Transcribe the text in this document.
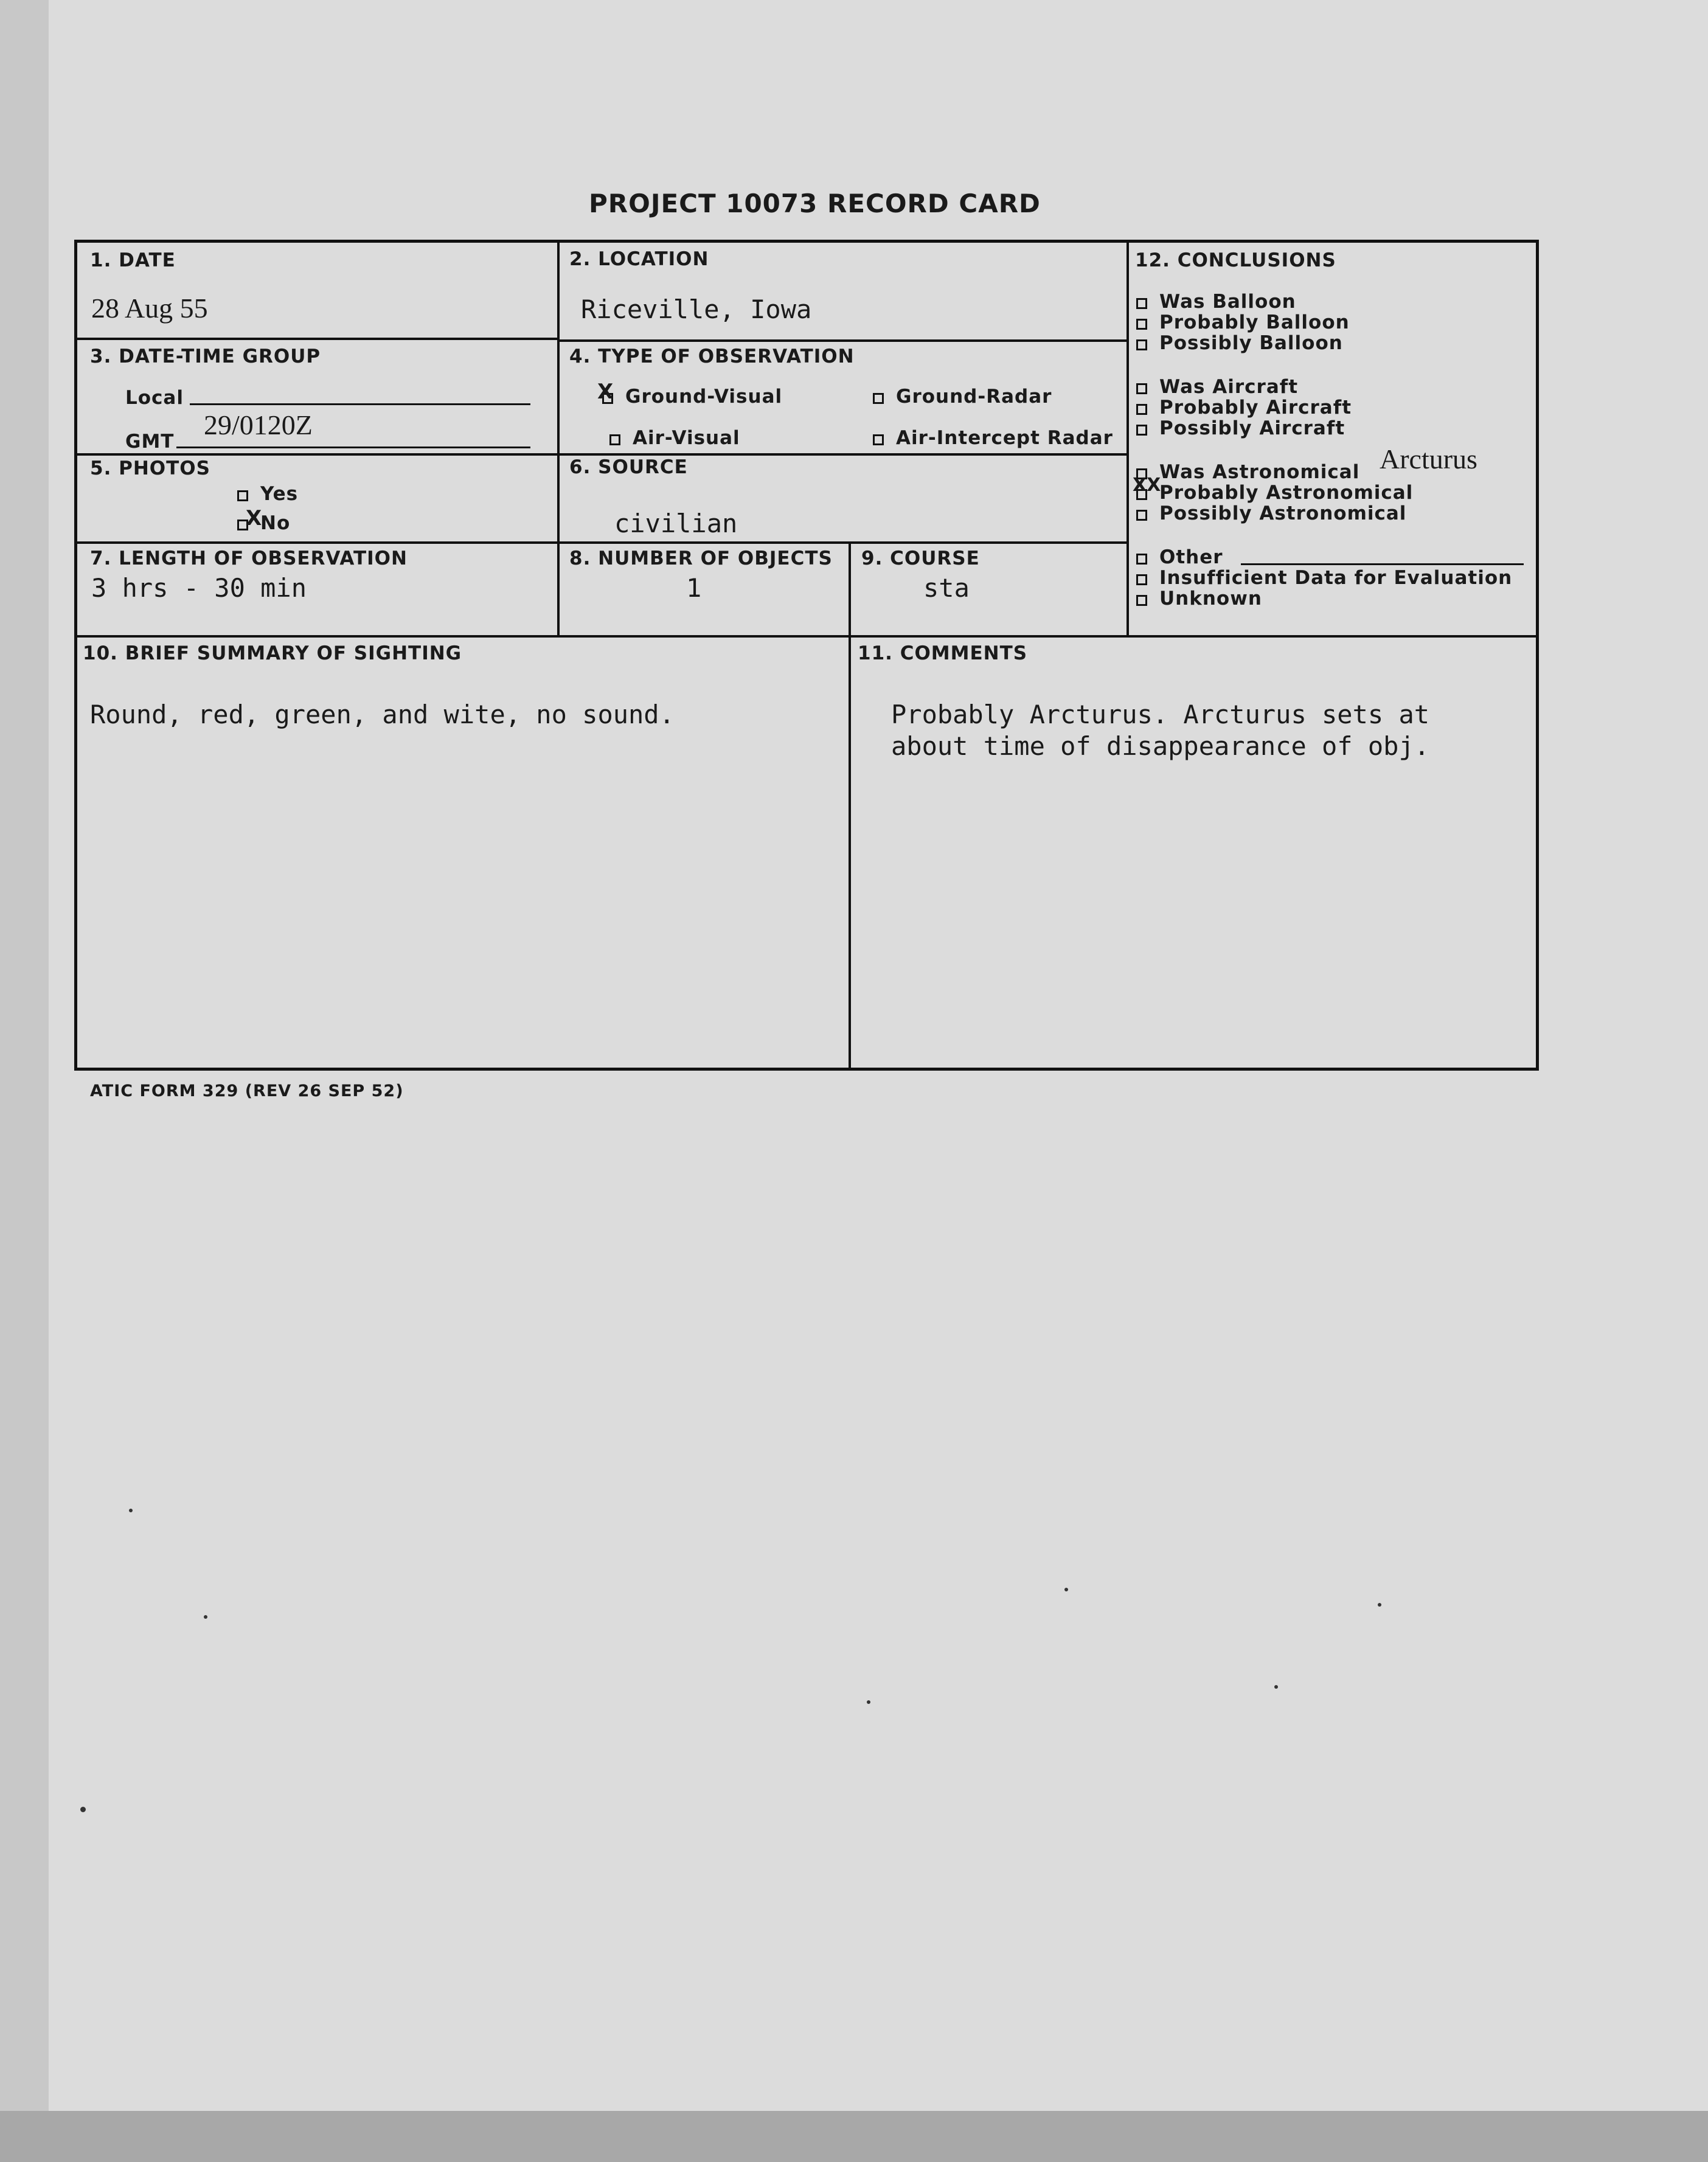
PROJECT 10073 RECORD CARD
1. DATE
28 Aug 55
2. LOCATION
Riceville, Iowa
3. DATE-TIME GROUP
Local
GMT
29/0120Z
4. TYPE OF OBSERVATION
Ground-Visual
X	Ground-Radar
Air-Visual	Air-Intercept Radar
5. PHOTOS
Yes
No
X
6. SOURCE
civilian
7. LENGTH OF OBSERVATION
3 hrs - 30 min
8. NUMBER OF OBJECTS
1
9. COURSE
sta
10. BRIEF SUMMARY OF SIGHTING
Round, red, green, and wite, no sound.
11. COMMENTS
Probably Arcturus. Arcturus sets at
about time of disappearance of obj.
12. CONCLUSIONS
Was Balloon
Probably Balloon
Possibly Balloon
Was Aircraft
Probably Aircraft
Possibly Aircraft
Was Astronomical Arcturus
Probably Astronomical
XX
Possibly Astronomical
Other
Insufficient Data for Evaluation
Unknown
ATIC FORM 329 (REV 26 SEP 52)
